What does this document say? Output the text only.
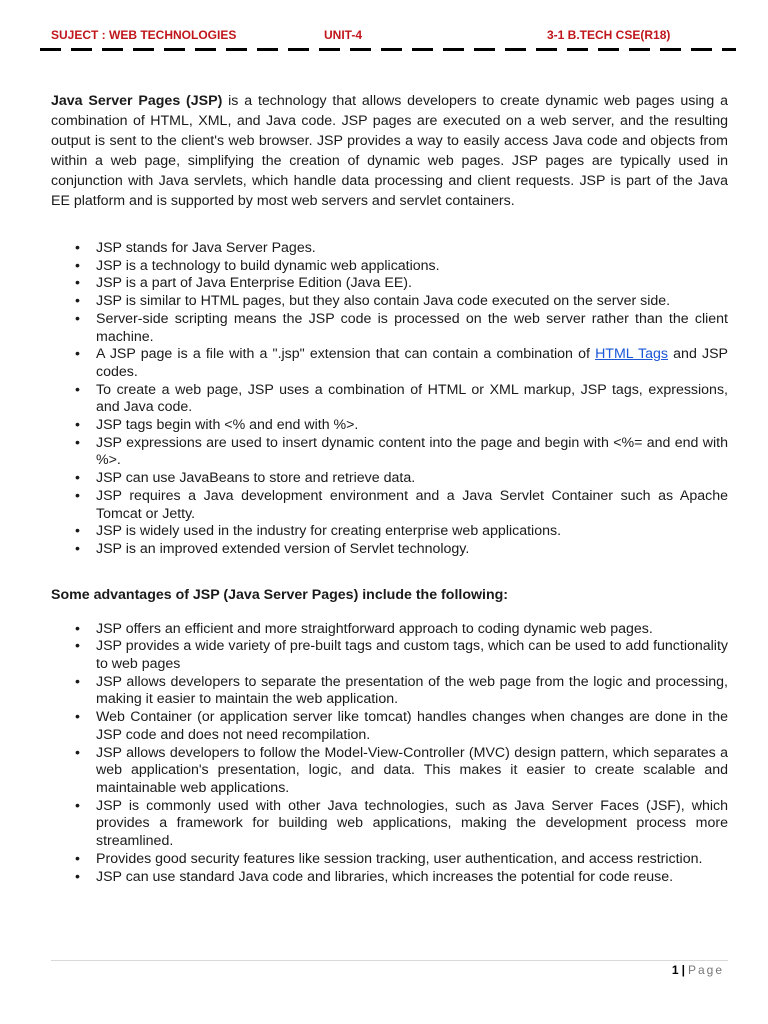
SUJECT : WEB TECHNOLOGIES	UNIT-4	3-1 B.TECH CSE(R18)

Java Server Pages (JSP) is a technology that allows developers to create dynamic web pages using a combination of HTML, XML, and Java code. JSP pages are executed on a web server, and the resulting output is sent to the client's web browser. JSP provides a way to easily access Java code and objects from within a web page, simplifying the creation of dynamic web pages. JSP pages are typically used in conjunction with Java servlets, which handle data processing and client requests. JSP is part of the Java EE platform and is supported by most web servers and servlet containers.

• JSP stands for Java Server Pages.
• JSP is a technology to build dynamic web applications.
• JSP is a part of Java Enterprise Edition (Java EE).
• JSP is similar to HTML pages, but they also contain Java code executed on the server side.
• Server-side scripting means the JSP code is processed on the web server rather than the client machine.
• A JSP page is a file with a ".jsp" extension that can contain a combination of HTML Tags and JSP codes.
• To create a web page, JSP uses a combination of HTML or XML markup, JSP tags, expressions, and Java code.
• JSP tags begin with <% and end with %>.
• JSP expressions are used to insert dynamic content into the page and begin with <%= and end with %>.
• JSP can use JavaBeans to store and retrieve data.
• JSP requires a Java development environment and a Java Servlet Container such as Apache Tomcat or Jetty.
• JSP is widely used in the industry for creating enterprise web applications.
• JSP is an improved extended version of Servlet technology.

Some advantages of JSP (Java Server Pages) include the following:

• JSP offers an efficient and more straightforward approach to coding dynamic web pages.
• JSP provides a wide variety of pre-built tags and custom tags, which can be used to add functionality to web pages
• JSP allows developers to separate the presentation of the web page from the logic and processing, making it easier to maintain the web application.
• Web Container (or application server like tomcat) handles changes when changes are done in the JSP code and does not need recompilation.
• JSP allows developers to follow the Model-View-Controller (MVC) design pattern, which separates a web application's presentation, logic, and data. This makes it easier to create scalable and maintainable web applications.
• JSP is commonly used with other Java technologies, such as Java Server Faces (JSF), which provides a framework for building web applications, making the development process more streamlined.
• Provides good security features like session tracking, user authentication, and access restriction.
• JSP can use standard Java code and libraries, which increases the potential for code reuse.
1 | Page
